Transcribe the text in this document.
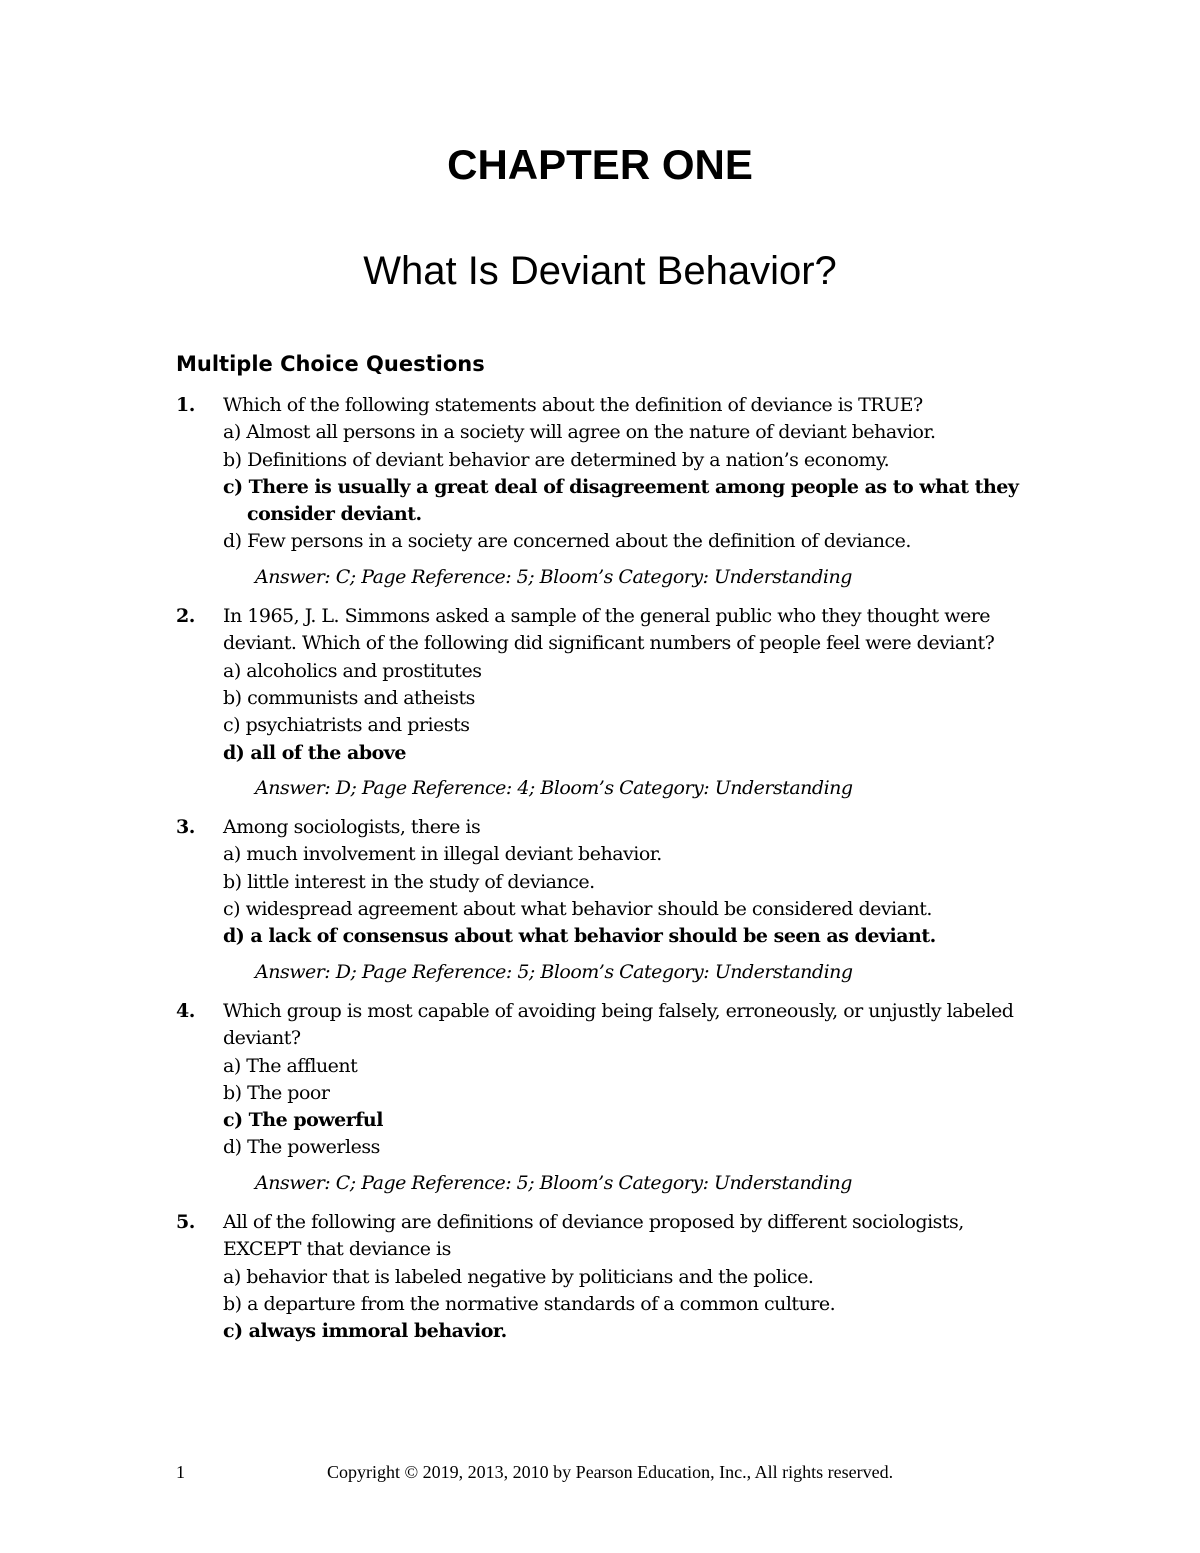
CHAPTER ONE
What Is Deviant Behavior?
Multiple Choice Questions
1. Which of the following statements about the definition of deviance is TRUE?
a) Almost all persons in a society will agree on the nature of deviant behavior.
b) Definitions of deviant behavior are determined by a nation’s economy.
c) There is usually a great deal of disagreement among people as to what they consider deviant.
d) Few persons in a society are concerned about the definition of deviance.
Answer: C; Page Reference: 5; Bloom’s Category: Understanding
2. In 1965, J. L. Simmons asked a sample of the general public who they thought were deviant. Which of the following did significant numbers of people feel were deviant?
a) alcoholics and prostitutes
b) communists and atheists
c) psychiatrists and priests
d) all of the above
Answer: D; Page Reference: 4; Bloom’s Category: Understanding
3. Among sociologists, there is
a) much involvement in illegal deviant behavior.
b) little interest in the study of deviance.
c) widespread agreement about what behavior should be considered deviant.
d) a lack of consensus about what behavior should be seen as deviant.
Answer: D; Page Reference: 5; Bloom’s Category: Understanding
4. Which group is most capable of avoiding being falsely, erroneously, or unjustly labeled deviant?
a) The affluent
b) The poor
c) The powerful
d) The powerless
Answer: C; Page Reference: 5; Bloom’s Category: Understanding
5. All of the following are definitions of deviance proposed by different sociologists, EXCEPT that deviance is
a) behavior that is labeled negative by politicians and the police.
b) a departure from the normative standards of a common culture.
c) always immoral behavior.
1	Copyright © 2019, 2013, 2010 by Pearson Education, Inc., All rights reserved.
